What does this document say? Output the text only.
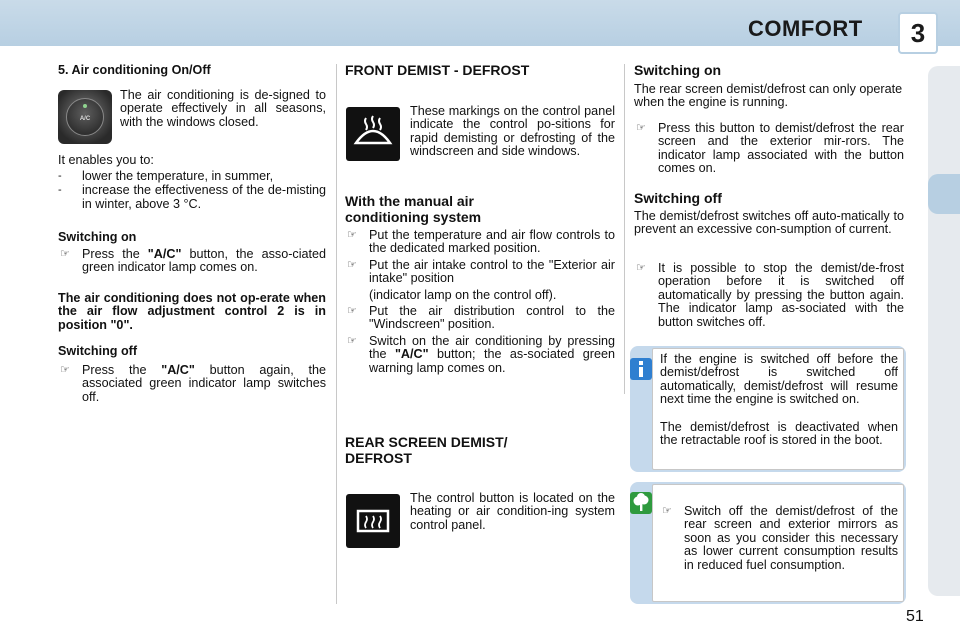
COMFORT	3
5. Air conditioning On/Off
A/C
The air conditioning is de-signed to operate effectively in all seasons, with the windows closed.
It enables you to:
- lower the temperature, in summer,
- increase the effectiveness of the de-misting in winter, above 3 °C.
Switching on
☞ Press the "A/C" button, the asso-ciated green indicator lamp comes on.
The air conditioning does not op-erate when the air flow adjustment control 2 is in position "0".
Switching off
☞ Press the "A/C" button again, the associated green indicator lamp switches off.
FRONT DEMIST - DEFROST
These markings on the control panel indicate the control po-sitions for rapid demisting or defrosting of the windscreen and side windows.
With the manual air conditioning system
☞ Put the temperature and air flow controls to the dedicated marked position.
☞ Put the air intake control to the "Exterior air intake" position
(indicator lamp on the control off).
☞ Put the air distribution control to the "Windscreen" position.
☞ Switch on the air conditioning by pressing the "A/C" button; the as-sociated green warning lamp comes on.
REAR SCREEN DEMIST/ DEFROST
The control button is located on the heating or air condition-ing system control panel.
Switching on
The rear screen demist/defrost can only operate when the engine is running.
☞ Press this button to demist/defrost the rear screen and the exterior mir-rors. The indicator lamp associated with the button comes on.
Switching off
The demist/defrost switches off auto-matically to prevent an excessive con-sumption of current.
☞ It is possible to stop the demist/de-frost operation before it is switched off automatically by pressing the button again. The indicator lamp as-sociated with the button switches off.
If the engine is switched off before the demist/defrost is switched off automatically, demist/defrost will resume next time the engine is switched on.
The demist/defrost is deactivated when the retractable roof is stored in the boot.
☞ Switch off the demist/defrost of the rear screen and exterior mirrors as soon as you consider this necessary as lower current consumption results in reduced fuel consumption.
51
